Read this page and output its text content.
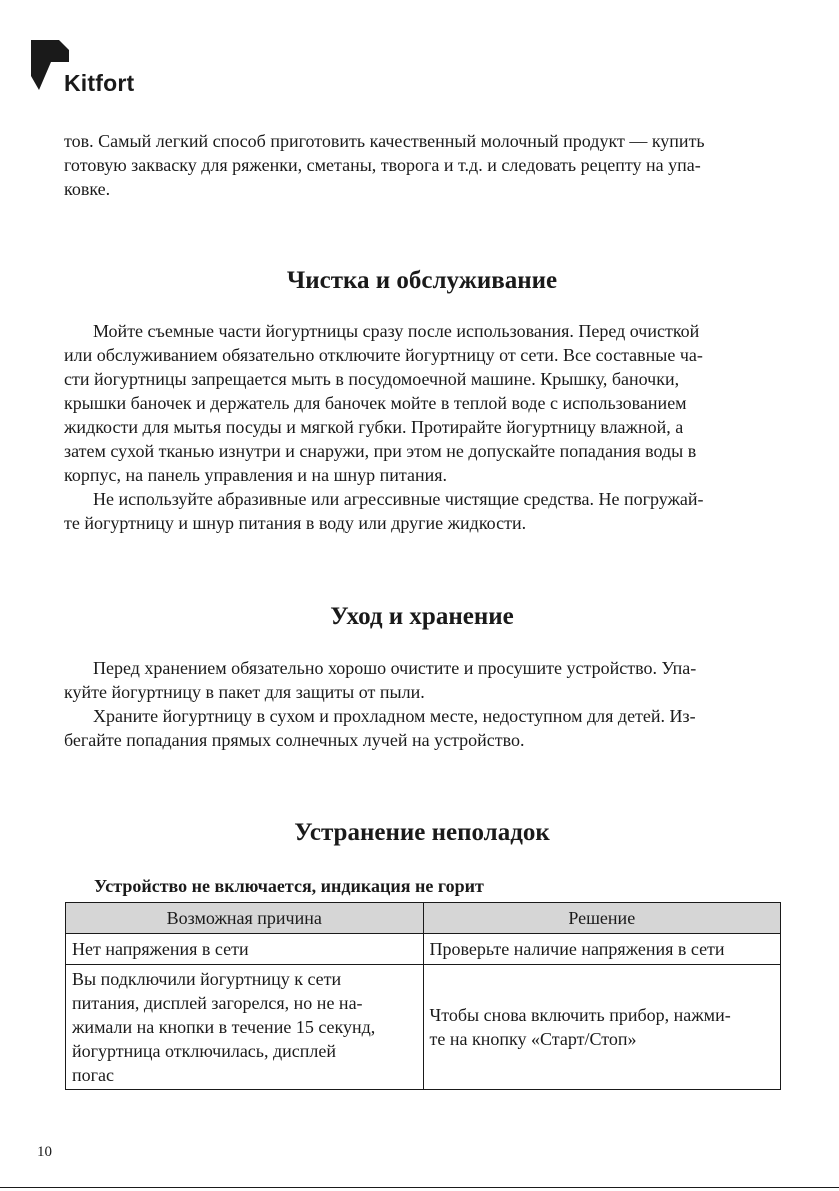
Kitfort

тов. Самый легкий способ приготовить качественный молочный продукт — купить
готовую закваску для ряженки, сметаны, творога и т.д. и следовать рецепту на упа-
ковке.

Чистка и обслуживание

Мойте съемные части йогуртницы сразу после использования. Перед очисткой
или обслуживанием обязательно отключите йогуртницу от сети. Все составные ча-
сти йогуртницы запрещается мыть в посудомоечной машине. Крышку, баночки,
крышки баночек и держатель для баночек мойте в теплой воде с использованием
жидкости для мытья посуды и мягкой губки. Протирайте йогуртницу влажной, а
затем сухой тканью изнутри и снаружи, при этом не допускайте попадания воды в
корпус, на панель управления и на шнур питания.

Не используйте абразивные или агрессивные чистящие средства. Не погружай-
те йогуртницу и шнур питания в воду или другие жидкости.

Уход и хранение

Перед хранением обязательно хорошо очистите и просушите устройство. Упа-
куйте йогуртницу в пакет для защиты от пыли.

Храните йогуртницу в сухом и прохладном месте, недоступном для детей. Из-
бегайте попадания прямых солнечных лучей на устройство.

Устранение неполадок
Устройство не включается, индикация не горит
Возможная причина	Решение
Нет напряжения в сети	Проверьте наличие напряжения в сети
Вы подключили йогуртницу к сети
питания, дисплей загорелся, но не на-
жимали на кнопки в течение 15 секунд,
йогуртница отключилась, дисплей
погас	Чтобы снова включить прибор, нажми-
те на кнопку «Старт/Стоп»
10
